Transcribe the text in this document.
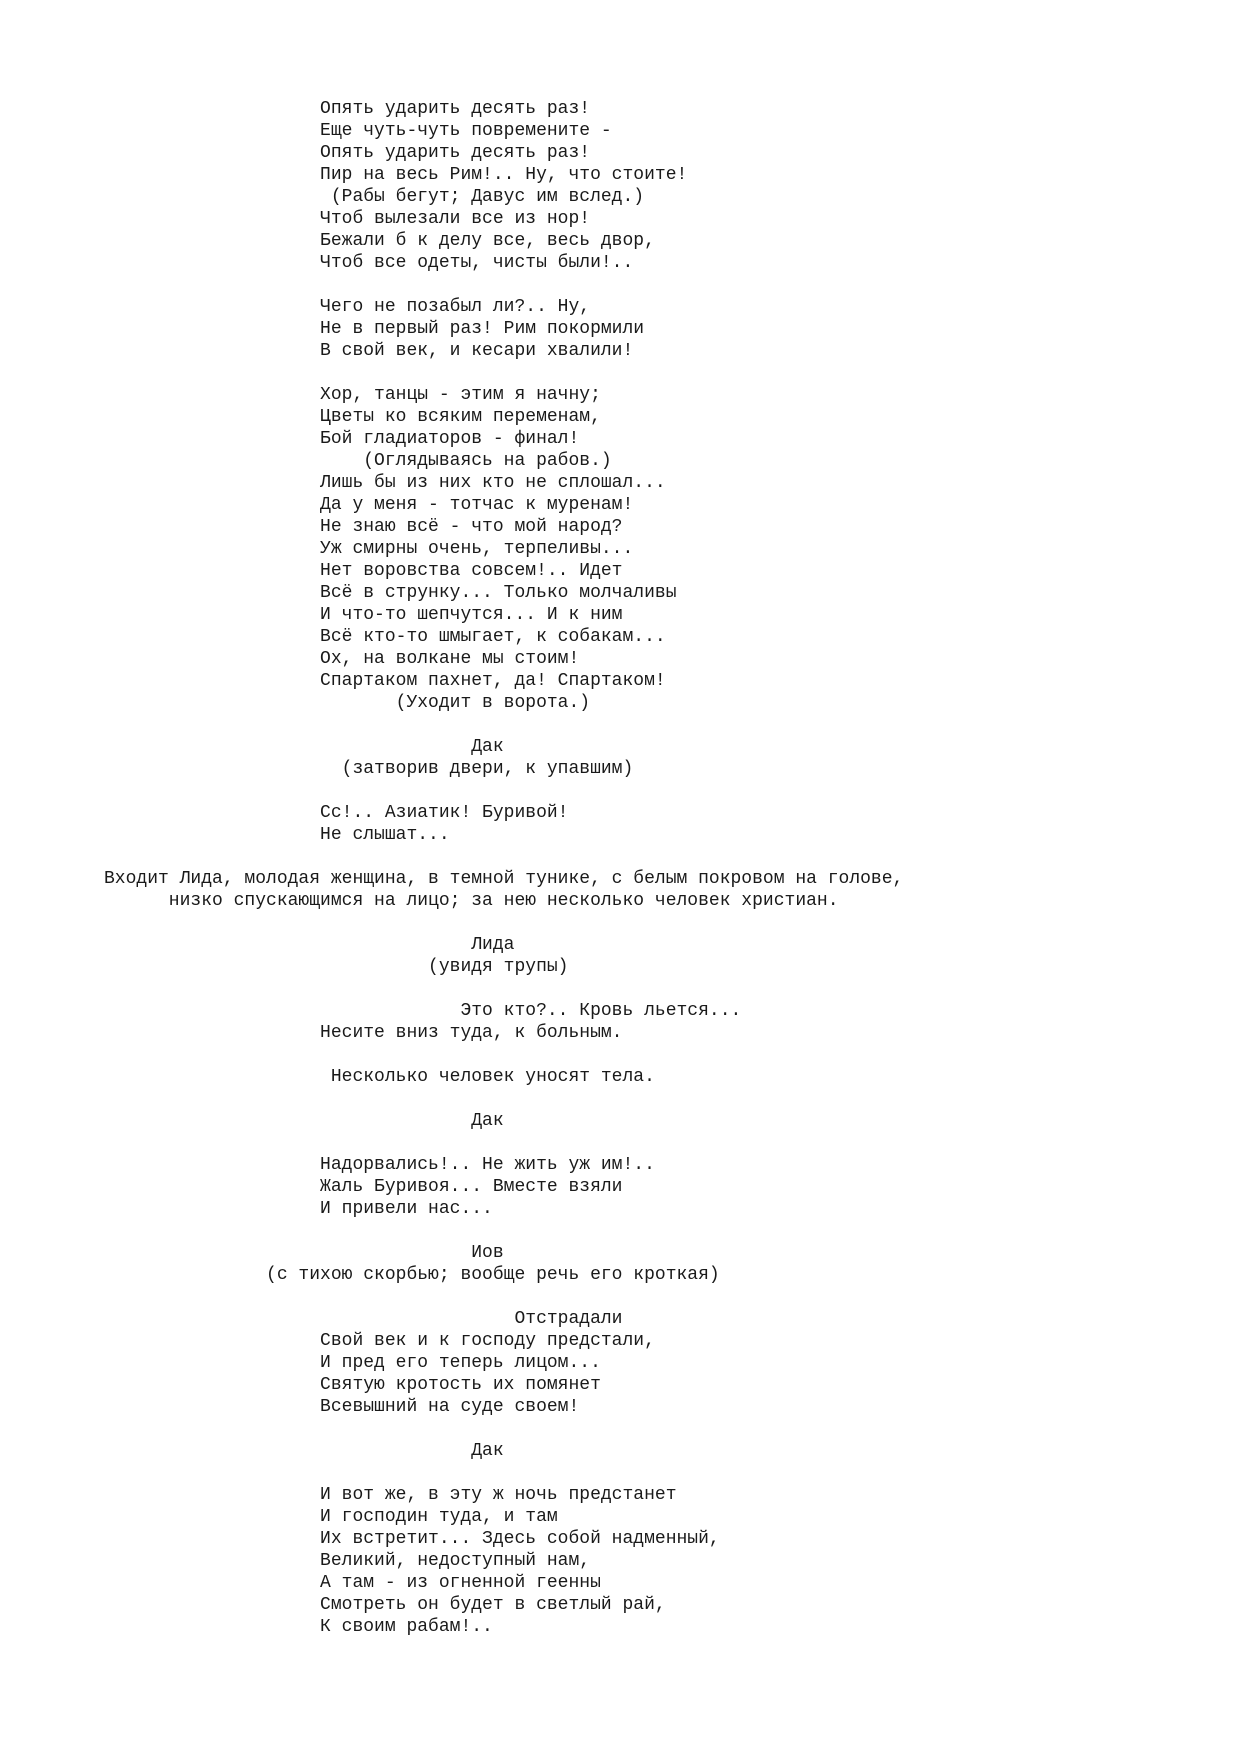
Опять ударить десять раз!
Еще чуть-чуть повремените -
Опять ударить десять раз!
Пир на весь Рим!.. Ну, что стоите!
(Рабы бегут; Давус им вслед.)
Чтоб вылезали все из нор!
Бежали б к делу все, весь двор,
Чтоб все одеты, чисты были!..
Чего не позабыл ли?.. Ну,
Не в первый раз! Рим покормили
В свой век, и кесари хвалили!
Хор, танцы - этим я начну;
Цветы ко всяким переменам,
Бой гладиаторов - финал!
(Оглядываясь на рабов.)
Лишь бы из них кто не сплошал...
Да у меня - тотчас к муренам!
Не знаю всё - что мой народ?
Уж смирны очень, терпеливы...
Нет воровства совсем!.. Идет
Всё в струнку... Только молчаливы
И что-то шепчутся... И к ним
Всё кто-то шмыгает, к собакам...
Ох, на волкане мы стоим!
Спартаком пахнет, да! Спартаком!
(Уходит в ворота.)
Дак
(затворив двери, к упавшим)
Сс!.. Азиатик! Буривой!
Не слышат...
Входит Лида, молодая женщина, в темной тунике, с белым покровом на голове,
низко спускающимся на лицо; за нею несколько человек христиан.
Лида
(увидя трупы)
Это кто?.. Кровь льется...
Несите вниз туда, к больным.
Несколько человек уносят тела.
Дак
Надорвались!.. Не жить уж им!..
Жаль Буривоя... Вместе взяли
И привели нас...
Иов
(с тихою скорбью; вообще речь его кроткая)
Отстрадали
Свой век и к господу предстали,
И пред его теперь лицом...
Святую кротость их помянет
Всевышний на суде своем!
Дак
И вот же, в эту ж ночь предстанет
И господин туда, и там
Их встретит... Здесь собой надменный,
Великий, недоступный нам,
А там - из огненной геенны
Смотреть он будет в светлый рай,
К своим рабам!..
